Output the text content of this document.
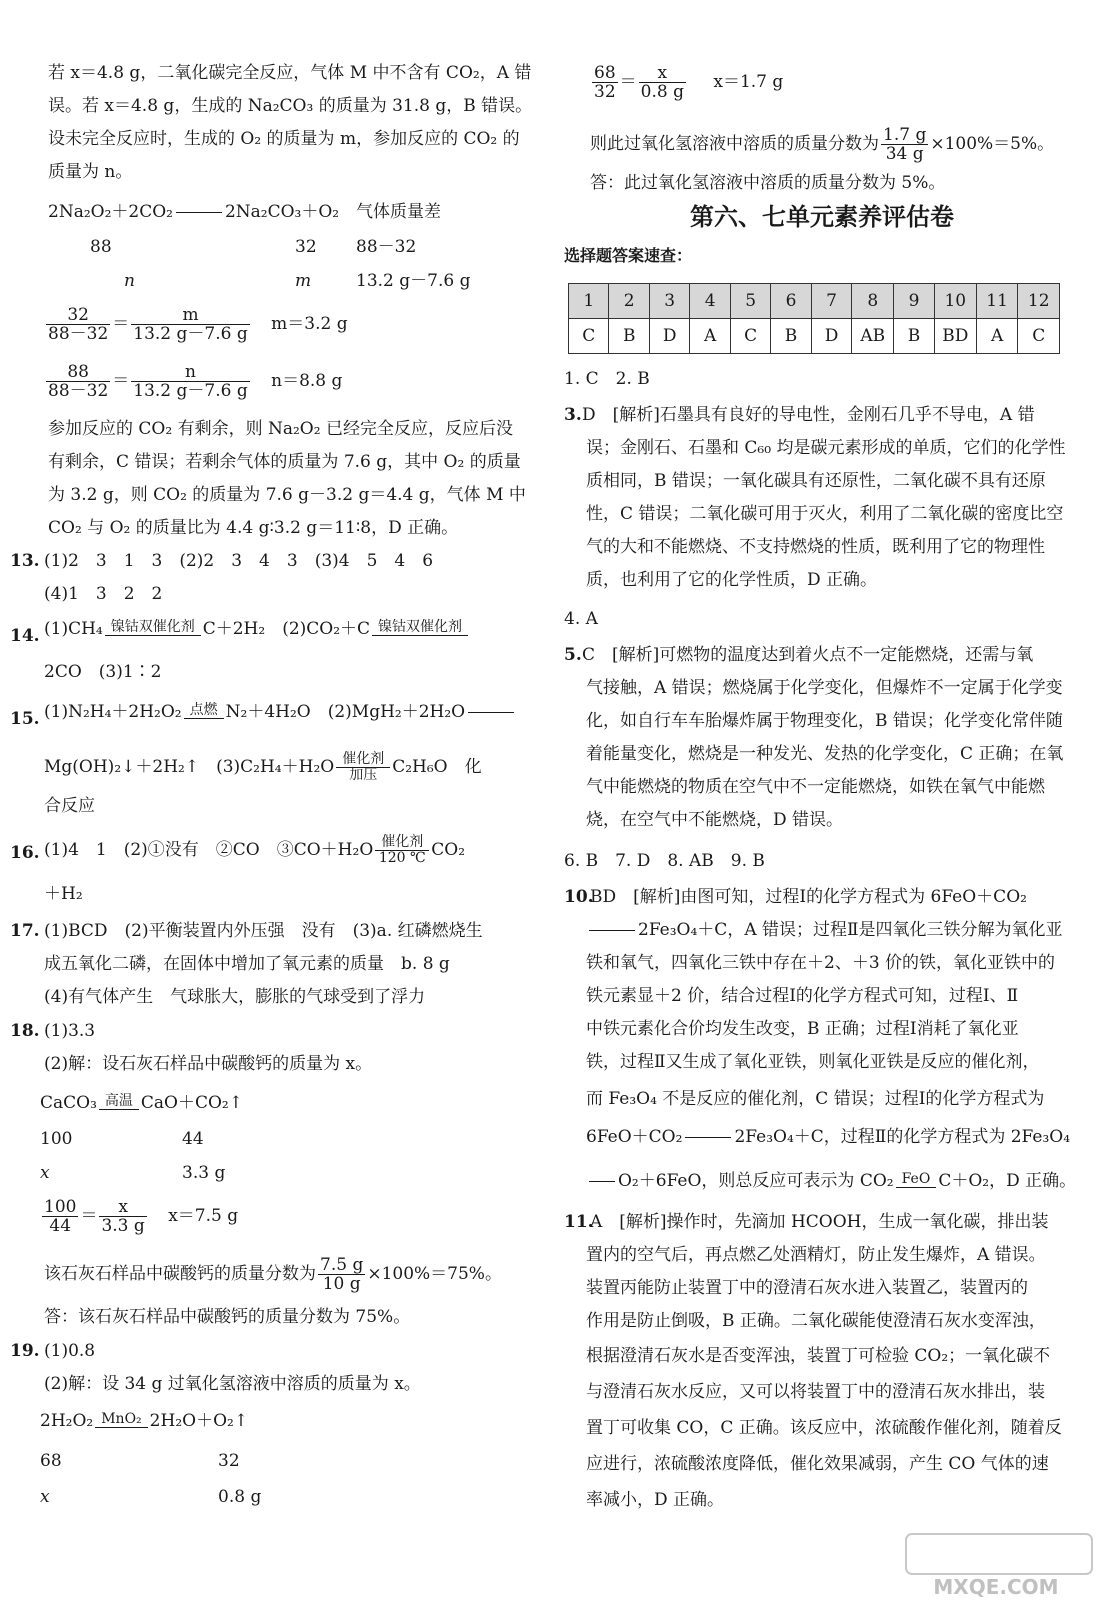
若 x＝4.8 g，二氧化碳完全反应，气体 M 中不含有 CO₂，A 错
误。若 x＝4.8 g，生成的 Na₂CO₃ 的质量为 31.8 g，B 错误。
设未完全反应时，生成的 O₂ 的质量为 m，参加反应的 CO₂ 的
质量为 n。
2Na₂O₂＋2CO₂	2Na₂CO₃＋O₂ 气体质量差
88	32 88－32
n	m	13.2 g－7.6 g
$\frac{32}{88-32} = \frac{m}{13.2 g-7.6 g} m=3.2$ g
$\frac{88}{88-32} = \frac{n}{13.2 g-7.6 g} n=8.8$ g
参加反应的 CO₂ 有剩余，则 Na₂O₂ 已经完全反应，反应后没
有剩余，C 错误；若剩余气体的质量为 7.6 g，其中 O₂ 的质量
为 3.2 g，则 CO₂ 的质量为 7.6 g－3.2 g＝4.4 g，气体 M 中
CO₂ 与 O₂ 的质量比为 4.4 g∶3.2 g＝11∶8，D 正确。
13. (1)2　3　1　3　(2)2　3　4　3　(3)4　5　4　6
(4)1　3　2　2
14. (1)CH₄ 镍钴双催化剂 C＋2H₂　(2)CO₂＋C 镍钴双催化剂
2CO　(3)1∶2
15. (1)N₂H₄＋2H₂O₂ 点燃 N₂＋4H₂O　(2)MgH₂＋2H₂O
Mg(OH)₂↓＋2H₂↑　(3)C₂H₄＋H₂O 催化剂
加压 C₂H₆O　化
合反应
16. (1)4　1　(2)①没有　②CO　③CO＋H₂O 催化剂
120 ℃ CO₂
＋H₂
17. (1)BCD　(2)平衡装置内外压强　没有　(3)a. 红磷燃烧生
成五氧化二磷，在固体中增加了氧元素的质量　b. 8 g
(4)有气体产生　气球胀大，膨胀的气球受到了浮力
18. (1)3.3
(2)解：设石灰石样品中碳酸钙的质量为 x。
CaCO₃ 高温 CaO＋CO₂↑
100	44
x	3.3 g
$\frac{100}{44} = \frac{x}{3.3 g} x=7.5$ g
该石灰石样品中碳酸钙的质量分数为 $\frac{7.5 g}{10 g} \times 100\%=75\%$。
答：该石灰石样品中碳酸钙的质量分数为 75%。
19. (1)0.8
(2)解：设 34 g 过氧化氢溶液中溶质的质量为 x。
2H₂O₂ MnO₂ 2H₂O＋O₂↑
68	32
x	0.8 g
$\frac{68}{32} = \frac{x}{0.8 g} x=1.7$ g
则此过氧化氢溶液中溶质的质量分数为 $\frac{1.7 g}{34 g} \times 100\%=5\%$。
答：此过氧化氢溶液中溶质的质量分数为 5%。
第六、七单元素养评估卷
选择题答案速查：
1. C　2. B
3. D　[解析]石墨具有良好的导电性，金刚石几乎不导电，A 错
误；金刚石、石墨和 C₆₀ 均是碳元素形成的单质，它们的化学性
质相同，B 错误；一氧化碳具有还原性，二氧化碳不具有还原
性，C 错误；二氧化碳可用于灭火，利用了二氧化碳的密度比空
气的大和不能燃烧、不支持燃烧的性质，既利用了它的物理性
质，也利用了它的化学性质，D 正确。
4. A
5. C　[解析]可燃物的温度达到着火点不一定能燃烧，还需与氧
气接触，A 错误；燃烧属于化学变化，但爆炸不一定属于化学变
化，如自行车车胎爆炸属于物理变化，B 错误；化学变化常伴随
着能量变化，燃烧是一种发光、发热的化学变化，C 正确；在氧
气中能燃烧的物质在空气中不一定能燃烧，如铁在氧气中能燃
烧，在空气中不能燃烧，D 错误。
6. B　7. D　8. AB　9. B
10.
BD　[解析]由图可知，过程Ⅰ的化学方程式为 6FeO＋CO₂
2Fe₃O₄＋C，A 错误；过程Ⅱ是四氧化三铁分解为氧化亚
铁和氧气，四氧化三铁中存在＋2、＋3 价的铁，氧化亚铁中的
铁元素显＋2 价，结合过程Ⅰ的化学方程式可知，过程Ⅰ、Ⅱ
中铁元素化合价均发生改变，B 正确；过程Ⅰ消耗了氧化亚
铁，过程Ⅱ又生成了氧化亚铁，则氧化亚铁是反应的催化剂，
而 Fe₃O₄ 不是反应的催化剂，C 错误；过程Ⅰ的化学方程式为
6FeO＋CO₂	2Fe₃O₄＋C，过程Ⅱ的化学方程式为 2Fe₃O₄
O₂＋6FeO，则总反应可表示为 CO₂ FeO C＋O₂，D 正确。
11.
A　[解析]操作时，先滴加 HCOOH，生成一氧化碳，排出装
置内的空气后，再点燃乙处酒精灯，防止发生爆炸，A 错误。
装置丙能防止装置丁中的澄清石灰水进入装置乙，装置丙的
作用是防止倒吸，B 正确。二氧化碳能使澄清石灰水变浑浊，
根据澄清石灰水是否变浑浊，装置丁可检验 CO₂；一氧化碳不
与澄清石灰水反应，又可以将装置丁中的澄清石灰水排出，装
置丁可收集 CO，C 正确。该反应中，浓硫酸作催化剂，随着反
应进行，浓硫酸浓度降低，催化效果减弱，产生 CO 气体的速
率减小，D 正确。
1	2	3	4	5	6	7	8	9	10	11	12
C	B	D	A	C	B	D	AB	B	BD	A	C
MXQE.COM
